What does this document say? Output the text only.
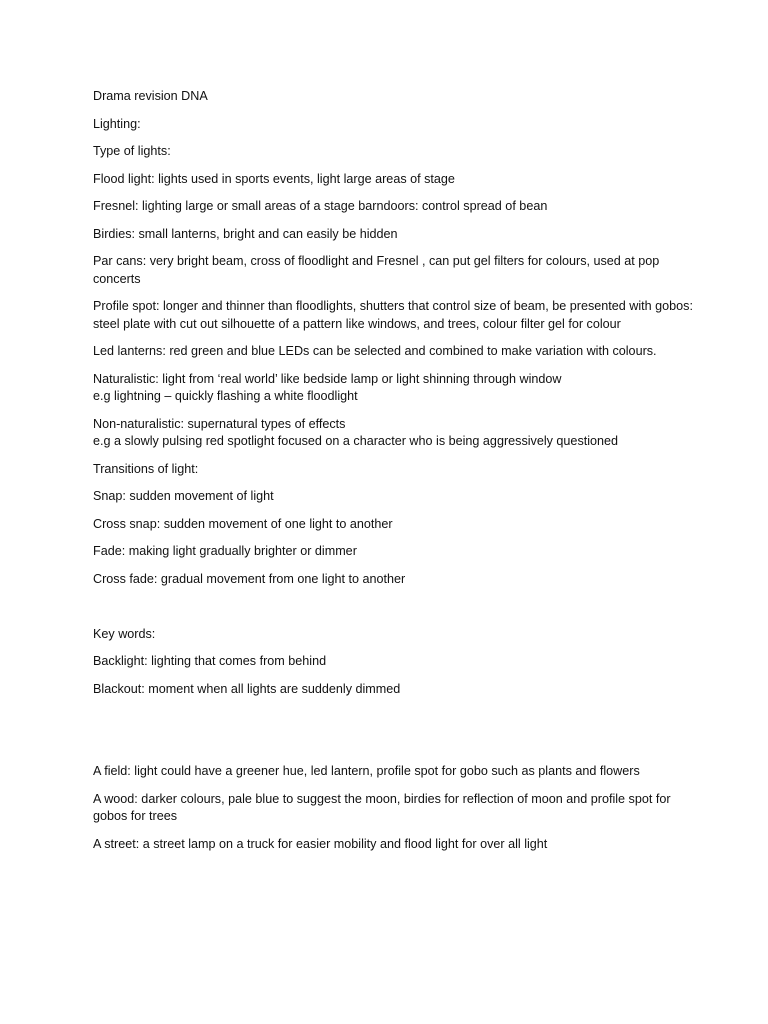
Drama revision DNA

Lighting:

Type of lights:

Flood light: lights used in sports events, light large areas of stage

Fresnel: lighting large or small areas of a stage barndoors: control spread of bean

Birdies: small lanterns, bright and can easily be hidden

Par cans: very bright beam, cross of floodlight and Fresnel , can put gel filters for colours, used at pop concerts

Profile spot: longer and thinner than floodlights, shutters that control size of beam, be presented with gobos: steel plate with cut out silhouette of a pattern like windows, and trees, colour filter gel for colour

Led lanterns: red green and blue LEDs can be selected and combined to make variation with colours.

Naturalistic: light from ‘real world’ like bedside lamp or light shinning through window
e.g lightning – quickly flashing a white floodlight

Non-naturalistic: supernatural types of effects
e.g a slowly pulsing red spotlight focused on a character who is being aggressively questioned

Transitions of light:

Snap: sudden movement of light

Cross snap: sudden movement of one light to another

Fade: making light gradually brighter or dimmer

Cross fade: gradual movement from one light to another

Key words:

Backlight: lighting that comes from behind

Blackout: moment when all lights are suddenly dimmed

A field: light could have a greener hue, led lantern, profile spot for gobo such as plants and flowers

A wood: darker colours, pale blue to suggest the moon, birdies for reflection of moon and profile spot for gobos for trees

A street: a street lamp on a truck for easier mobility and flood light for over all light
